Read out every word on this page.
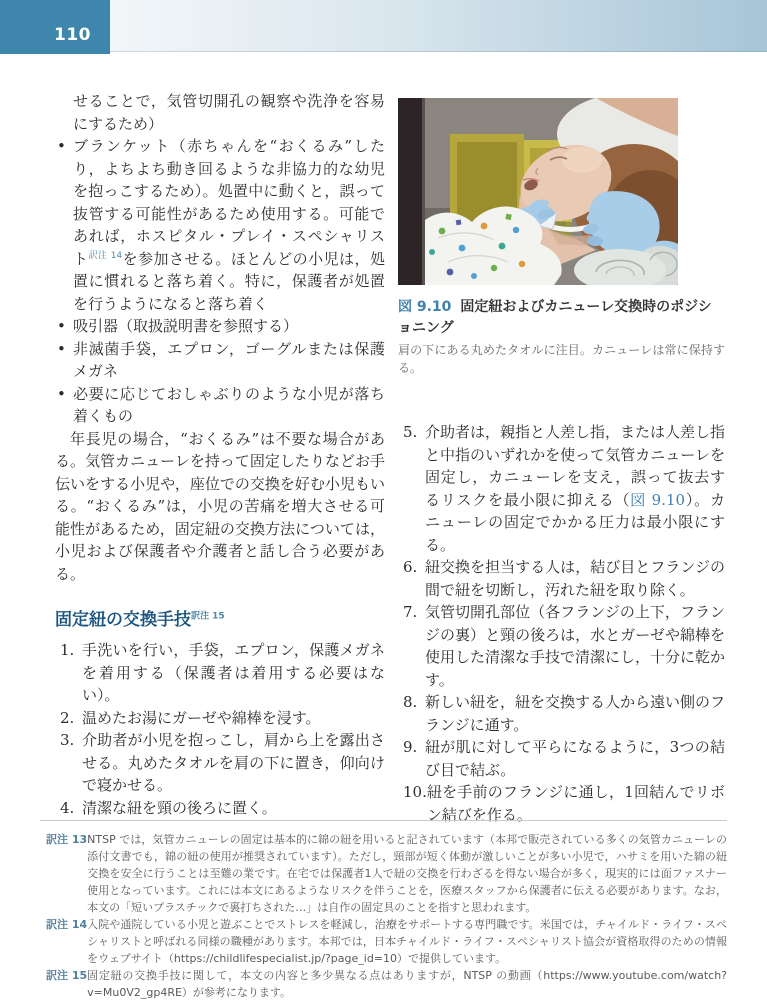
110

せることで，気管切開孔の観察や洗浄を容易にするため）

• ブランケット（赤ちゃんを“おくるみ”したり，よちよち動き回るような非協力的な幼児を抱っこするため）。処置中に動くと，誤って抜管する可能性があるため使用する。可能であれば，ホスピタル・プレイ・スペシャリスト$^{訳注 14}$を参加させる。ほとんどの小児は，処置に慣れると落ち着く。特に，保護者が処置を行うようになると落ち着く
• 吸引器（取扱説明書を参照する）
• 非滅菌手袋，エプロン，ゴーグルまたは保護メガネ
• 必要に応じておしゃぶりのような小児が落ち着くもの

年長児の場合，“おくるみ”は不要な場合がある。気管カニューレを持って固定したりなどお手伝いをする小児や，座位での交換を好む小児もいる。“おくるみ”は，小児の苦痛を増大させる可能性があるため，固定紐の交換方法については，小児および保護者や介護者と話し合う必要がある。

固定紐の交換手技$^{訳注 15}$
1. 手洗いを行い，手袋，エプロン，保護メガネを着用する（保護者は着用する必要はない）。
2. 温めたお湯にガーゼや綿棒を浸す。
3. 介助者が小児を抱っこし，肩から上を露出させる。丸めたタオルを肩の下に置き，仰向けで寝かせる。
4. 清潔な紐を頸の後ろに置く。

図 9.10 固定紐およびカニューレ交換時のポジショニング

肩の下にある丸めたタオルに注目。カニューレは常に保持する。

5. 介助者は，親指と人差し指，または人差し指と中指のいずれかを使って気管カニューレを固定し，カニューレを支え，誤って抜去するリスクを最小限に抑える（図 9.10）。カニューレの固定でかかる圧力は最小限にする。
6. 紐交換を担当する人は，結び目とフランジの間で紐を切断し，汚れた紐を取り除く。
7. 気管切開孔部位（各フランジの上下，フランジの裏）と頸の後ろは，水とガーゼや綿棒を使用した清潔な手技で清潔にし，十分に乾かす。
8. 新しい紐を，紐を交換する人から遠い側のフランジに通す。
9. 紐が肌に対して平らになるように，3つの結び目で結ぶ。
10. 紐を手前のフランジに通し，1回結んでリボン結びを作る。
訳注 13 NTSP では，気管カニューレの固定は基本的に綿の紐を用いると記されています（本邦で販売されている多くの気管カニューレの添付文書でも，綿の紐の使用が推奨されています）。ただし，頸部が短く体動が激しいことが多い小児で，ハサミを用いた綿の紐交換を安全に行うことは至難の業です。在宅では保護者1人で紐の交換を行わざるを得ない場合が多く，現実的には面ファスナー使用となっています。これには本文にあるようなリスクを伴うことを，医療スタッフから保護者に伝える必要があります。なお，本文の「短いプラスチックで裏打ちされた…」は自作の固定具のことを指すと思われます。
訳注 14 入院や通院している小児と遊ぶことでストレスを軽減し，治療をサポートする専門職です。米国では，チャイルド・ライフ・スペシャリストと呼ばれる同様の職種があります。本邦では，日本チャイルド・ライフ・スペシャリスト協会が資格取得のための情報をウェブサイト（https://childlifespecialist.jp/?page_id=10）で提供しています。
訳注 15 固定紐の交換手技に関して，本文の内容と多少異なる点はありますが，NTSP の動画（https://www.youtube.com/watch?v=Mu0V2_gp4RE）が参考になります。
